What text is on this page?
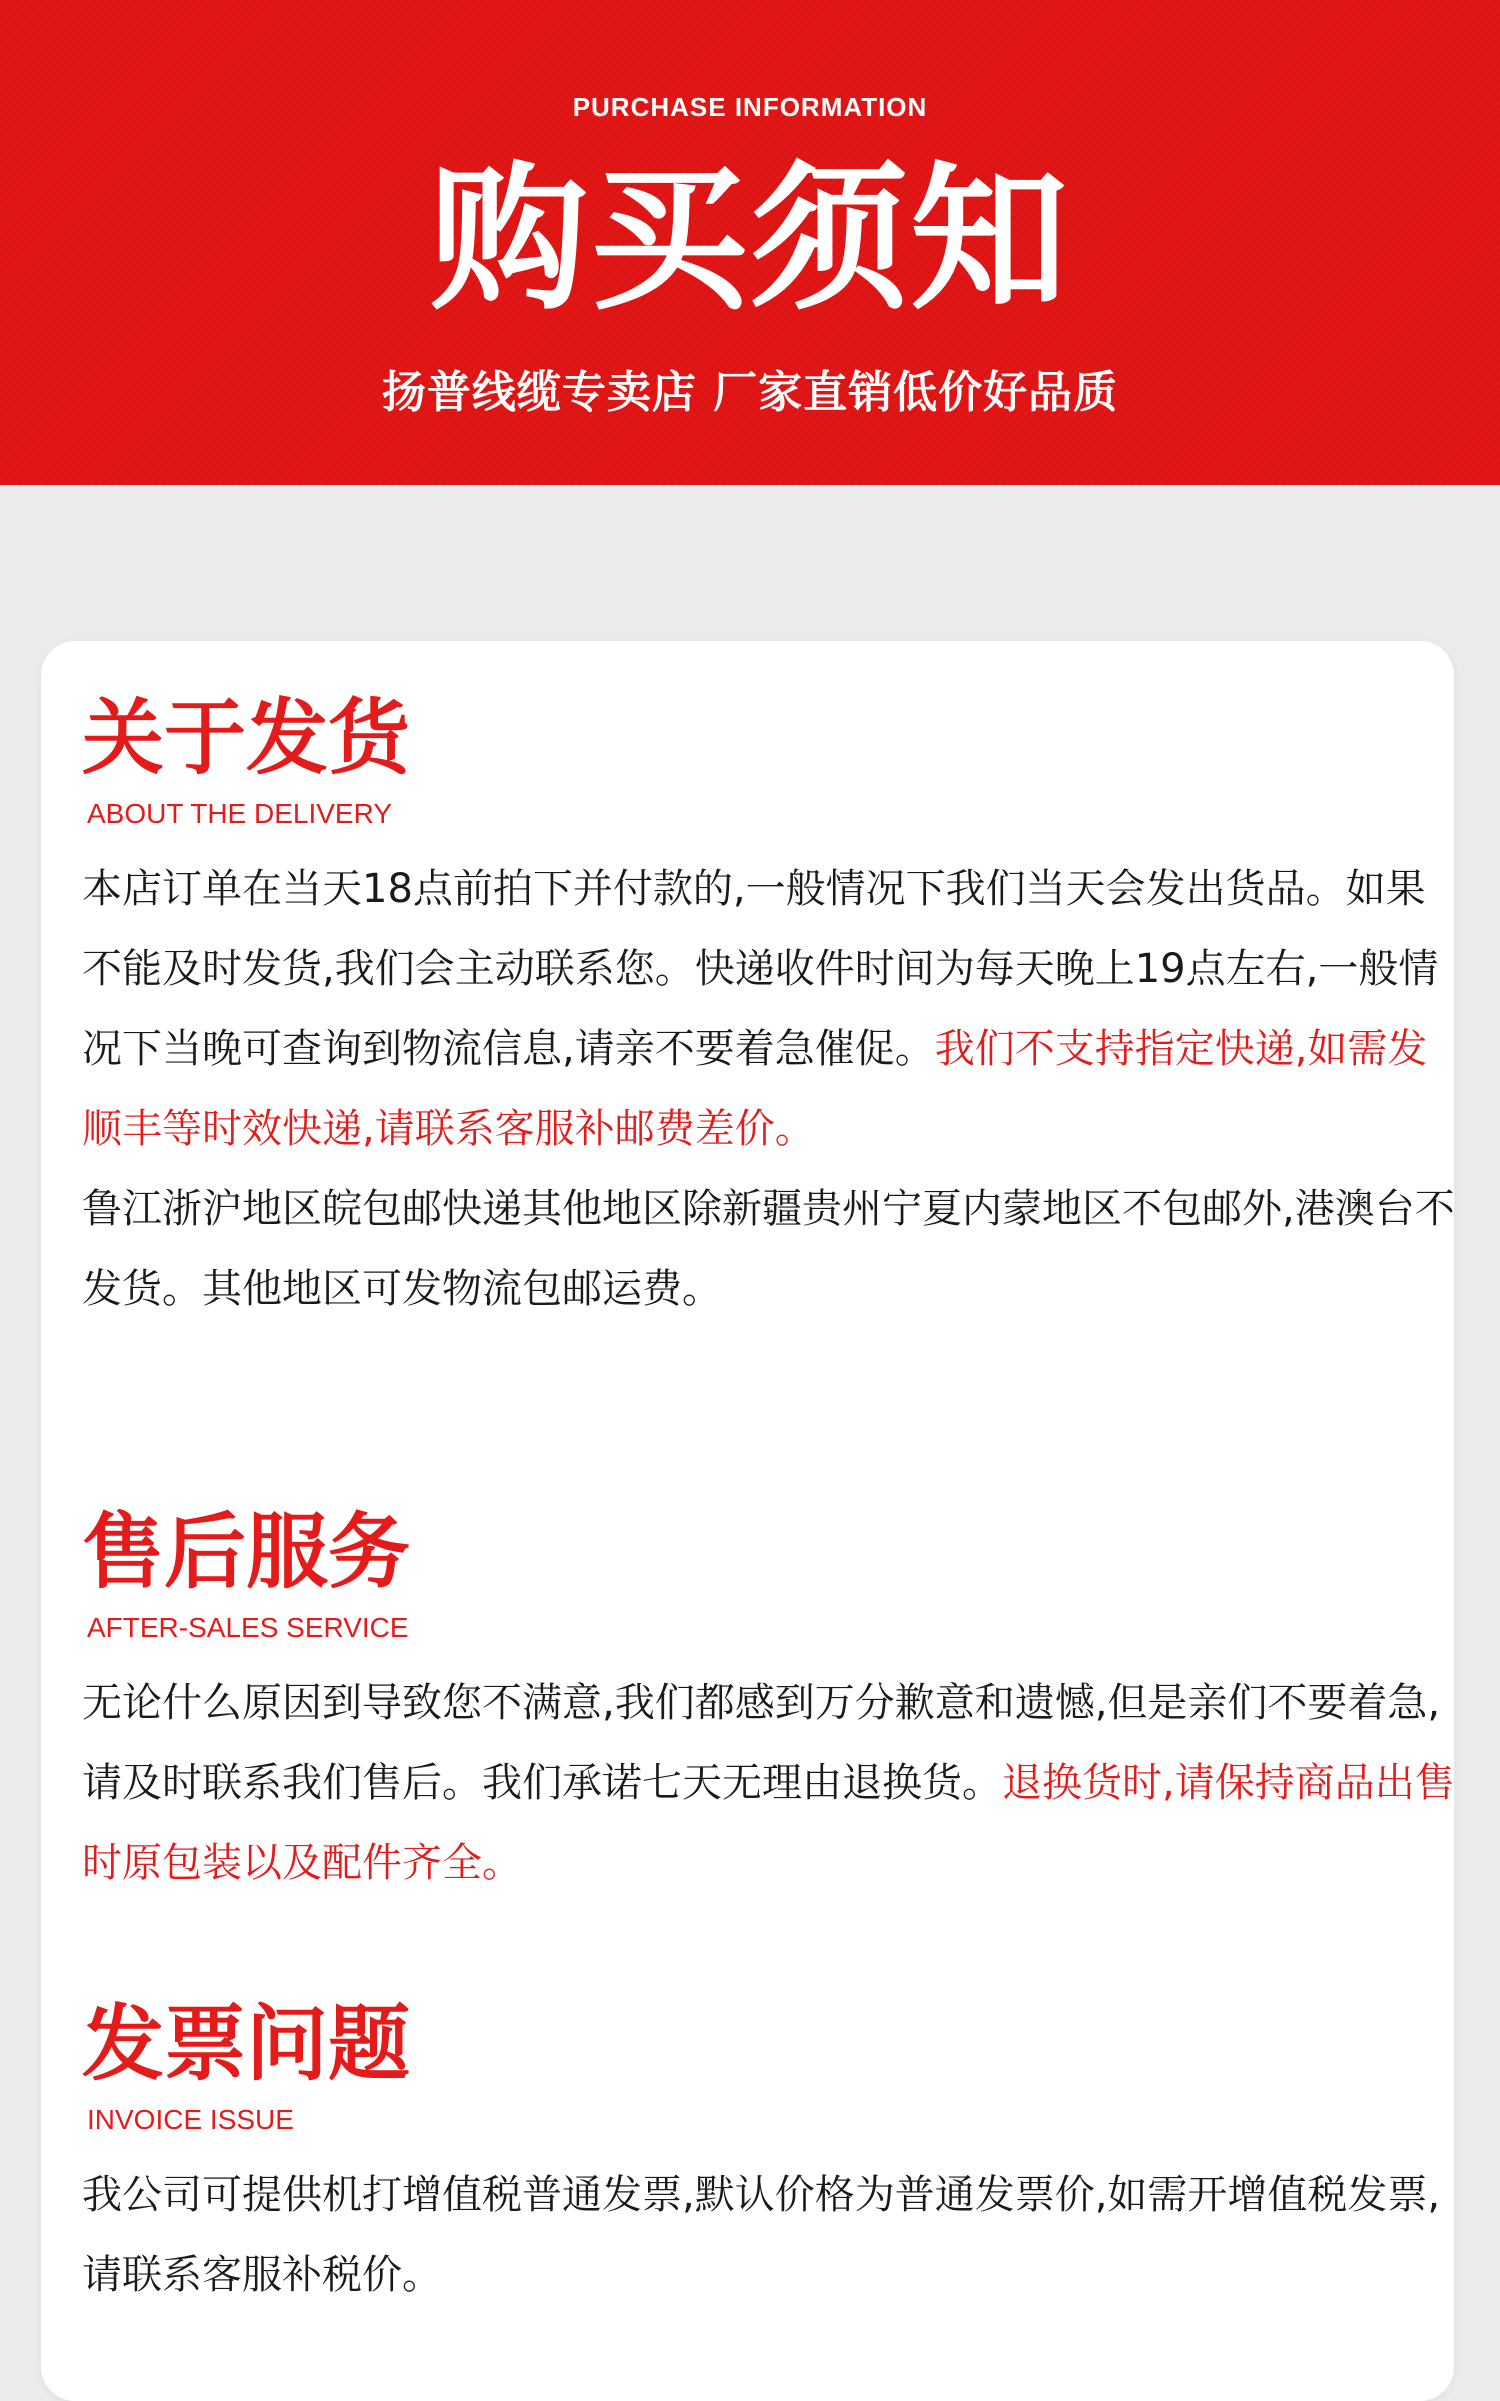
PURCHASE INFORMATION
购买须知
扬普线缆专卖店 厂家直销低价好品质
关于发货
ABOUT THE DELIVERY

本店订单在当天18点前拍下并付款的,一般情况下我们当天会发出货品。如果不能及时发货,我们会主动联系您。快递收件时间为每天晚上19点左右,一般情况下当晚可查询到物流信息,请亲不要着急催促。我们不支持指定快递,如需发顺丰等时效快递,请联系客服补邮费差价。

鲁江浙沪地区皖包邮快递其他地区除新疆贵州宁夏内蒙地区不包邮外,港澳台不发货。其他地区可发物流包邮运费。

售后服务
AFTER-SALES SERVICE

无论什么原因到导致您不满意,我们都感到万分歉意和遗憾,但是亲们不要着急,请及时联系我们售后。我们承诺七天无理由退换货。退换货时,请保持商品出售时原包装以及配件齐全。

发票问题
INVOICE ISSUE

我公司可提供机打增值税普通发票,默认价格为普通发票价,如需开增值税发票,请联系客服补税价。
